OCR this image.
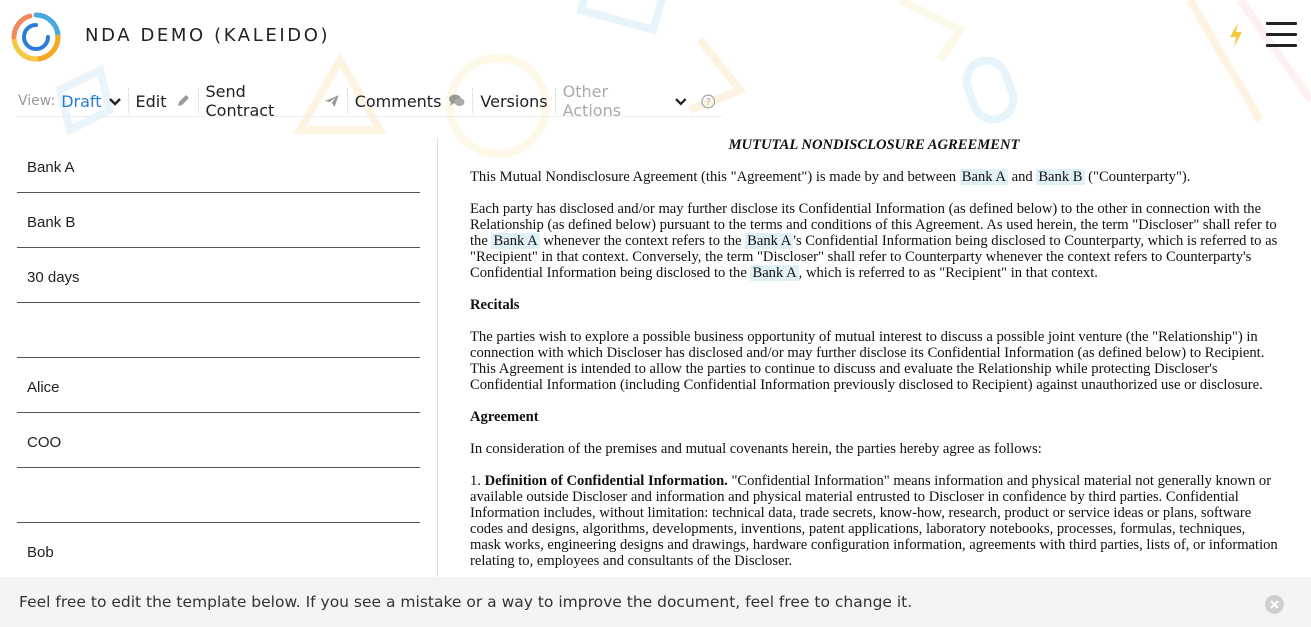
NDA DEMO (KALEIDO)
View: Draft Edit Send Contract	Comments Versions Other Actions	?
Bank A
Bank B
30 days
Alice
COO
Bob

MUTUTAL NONDISCLOSURE AGREEMENT

This Mutual Nondisclosure Agreement (this "Agreement") is made by and between Bank A and Bank B ("Counterparty").

Each party has disclosed and/or may further disclose its Confidential Information (as defined below) to the other in connection with the Relationship (as defined below) pursuant to the terms and conditions of this Agreement. As used herein, the term "Discloser" shall refer to the Bank A whenever the context refers to the Bank A 's Confidential Information being disclosed to Counterparty, which is referred to as "Recipient" in that context. Conversely, the term "Discloser" shall refer to Counterparty whenever the context refers to Counterparty's Confidential Information being disclosed to the Bank A , which is referred to as "Recipient" in that context.

Recitals

The parties wish to explore a possible business opportunity of mutual interest to discuss a possible joint venture (the "Relationship") in connection with which Discloser has disclosed and/or may further disclose its Confidential Information (as defined below) to Recipient. This Agreement is intended to allow the parties to continue to discuss and evaluate the Relationship while protecting Discloser's Confidential Information (including Confidential Information previously disclosed to Recipient) against unauthorized use or disclosure.

Agreement

In consideration of the premises and mutual covenants herein, the parties hereby agree as follows:

1. Definition of Confidential Information. "Confidential Information" means information and physical material not generally known or available outside Discloser and information and physical material entrusted to Discloser in confidence by third parties. Confidential Information includes, without limitation: technical data, trade secrets, know-how, research, product or service ideas or plans, software codes and designs, algorithms, developments, inventions, patent applications, laboratory notebooks, processes, formulas, techniques, mask works, engineering designs and drawings, hardware configuration information, agreements with third parties, lists of, or information relating to, employees and consultants of the Discloser.

Feel free to edit the template below. If you see a mistake or a way to improve the document, feel free to change it.
